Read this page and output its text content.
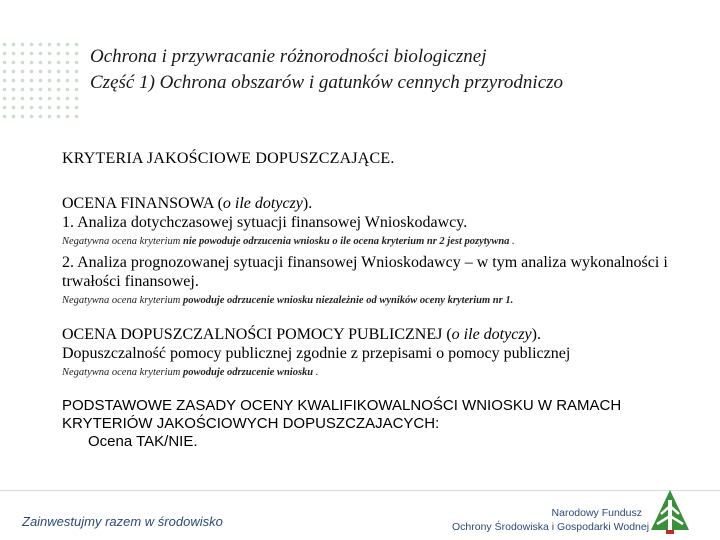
Ochrona i przywracanie różnorodności biologicznej
Część 1) Ochrona obszarów i gatunków cennych przyrodniczo

KRYTERIA JAKOŚCIOWE DOPUSZCZAJĄCE.

OCENA FINANSOWA (o ile dotyczy).

1. Analiza dotychczasowej sytuacji finansowej Wnioskodawcy.

Negatywna ocena kryterium nie powoduje odrzucenia wniosku o ile ocena kryterium nr 2 jest pozytywna .

2. Analiza prognozowanej sytuacji finansowej Wnioskodawcy – w tym analiza wykonalności i trwałości finansowej.

Negatywna ocena kryterium powoduje odrzucenie wniosku niezależnie od wyników oceny kryterium nr 1.

OCENA DOPUSZCZALNOŚCI POMOCY PUBLICZNEJ (o ile dotyczy).

Dopuszczalność pomocy publicznej zgodnie z przepisami o pomocy publicznej

Negatywna ocena kryterium powoduje odrzucenie wniosku .

PODSTAWOWE ZASADY OCENY KWALIFIKOWALNOŚCI WNIOSKU W RAMACH
KRYTERIÓW JAKOŚCIOWYCH DOPUSZCZAJACYCH:
Ocena TAK/NIE.
Zainwestujmy razem w środowisko
Narodowy Fundusz
Ochrony Środowiska i Gospodarki Wodnej
